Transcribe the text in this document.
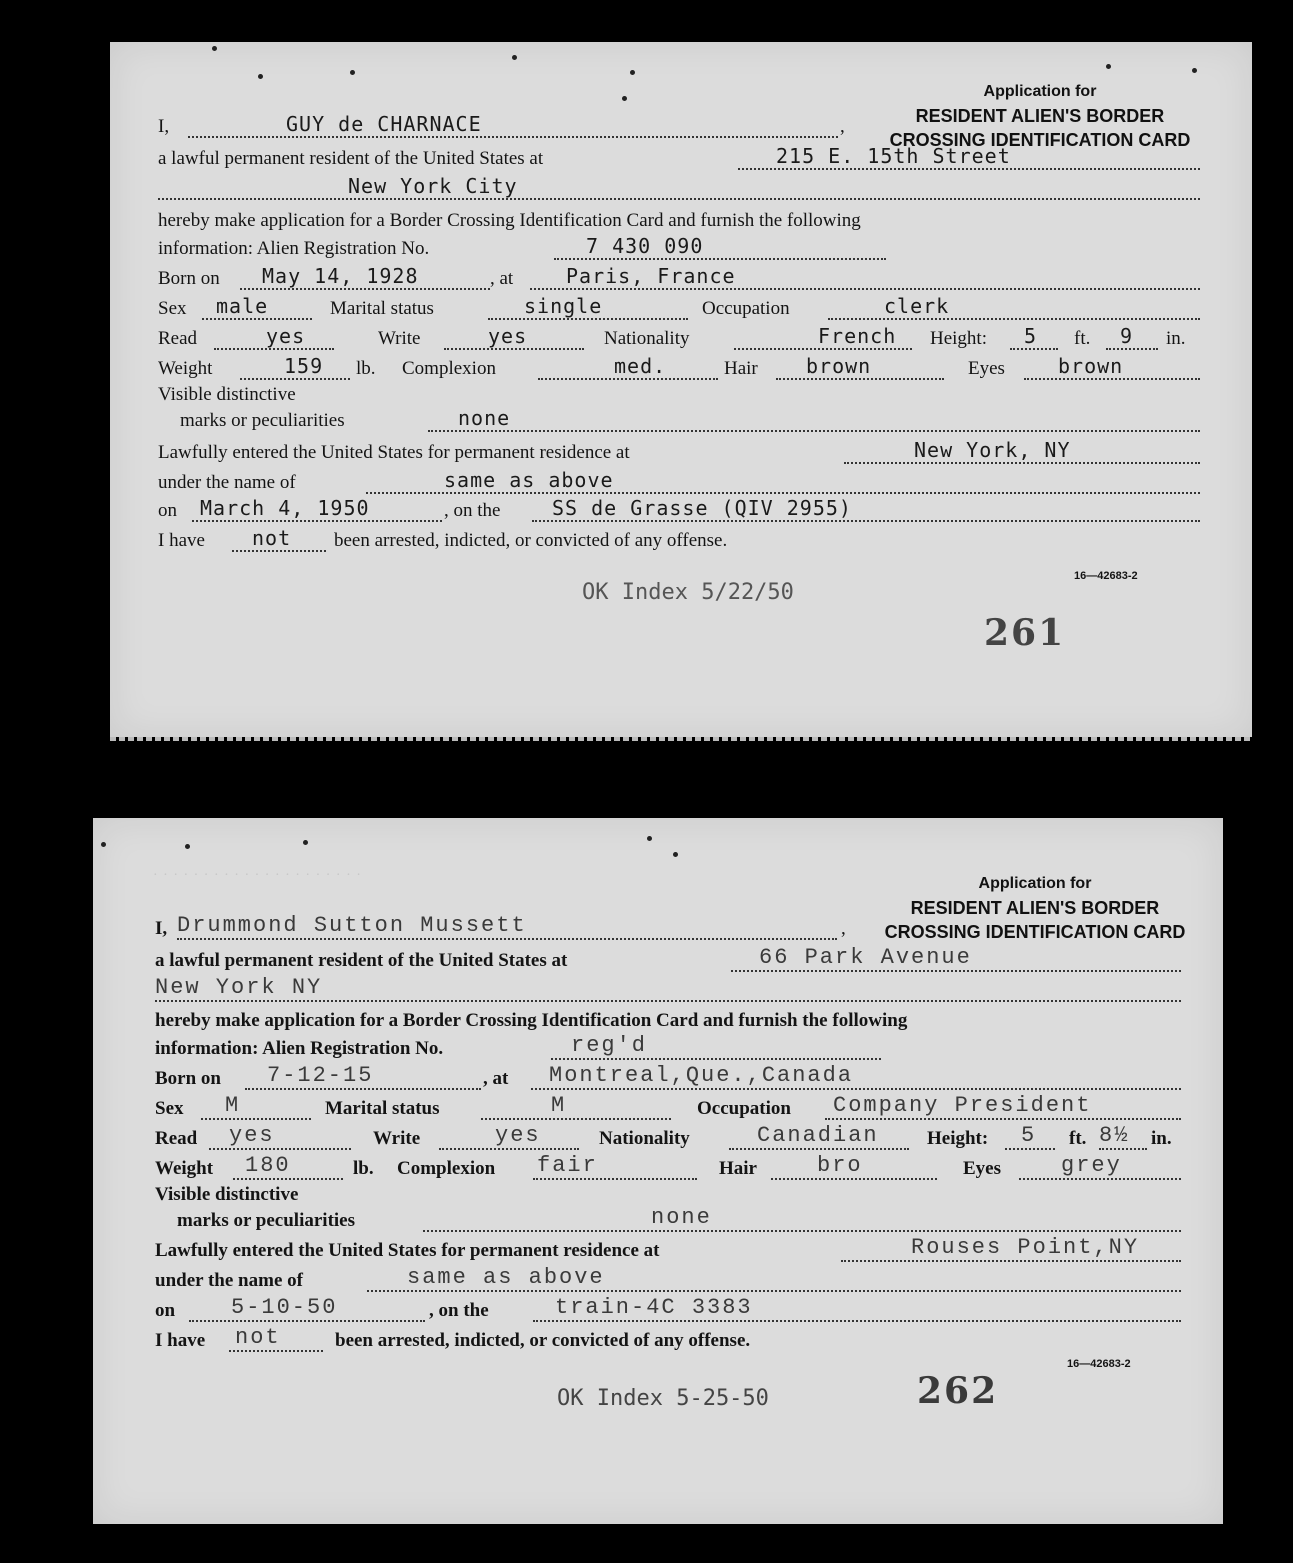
Application for
RESIDENT ALIEN'S BORDER
CROSSING IDENTIFICATION CARD
I,	GUY de CHARNACE	,
a lawful permanent resident of the United States at	215 E. 15th Street
New York City
hereby make application for a Border Crossing Identification Card and furnish the following
information: Alien Registration No.	7 430 090
Born on May 14, 1928	, at	Paris, France
Sex male	Marital status	single	Occupation	clerk
Read	yes	Write	yes	Nationality	French Height: 5 ft. 9 in.
Weight	159 lb. Complexion	med.	Hair brown	Eyes	brown
Visible distinctive
marks or peculiarities	none
Lawfully entered the United States for permanent residence at	New York, NY
under the name of	same as above
on March 4, 1950	, on the	SS de Grasse (QIV 2955)
I have not been arrested, indicted, or convicted of any offense.
16—42683-2
OK Index 5/22/50
261
· · · · · · · · · · · · · · · · · · · · ·	Application for
RESIDENT ALIEN'S BORDER
CROSSING IDENTIFICATION CARD
I, Drummond Sutton Mussett	,
a lawful permanent resident of the United States at	66 Park Avenue
New York NY
hereby make application for a Border Crossing Identification Card and furnish the following
information: Alien Registration No.	reg'd
Born on 7-12-15	, at Montreal,Que.,Canada
Sex M	Marital status	M	Occupation Company President
Read yes	Write	yes	Nationality	Canadian	Height: 5 ft. 8½ in.
Weight 180	lb. Complexion fair	Hair	bro	Eyes	grey
Visible distinctive
marks or peculiarities	none
Lawfully entered the United States for permanent residence at	Rouses Point,NY
under the name of	same as above
on	5-10-50	, on the	train-4C 3383
I have not	been arrested, indicted, or convicted of any offense.
16—42683-2
OK Index 5-25-50	262
